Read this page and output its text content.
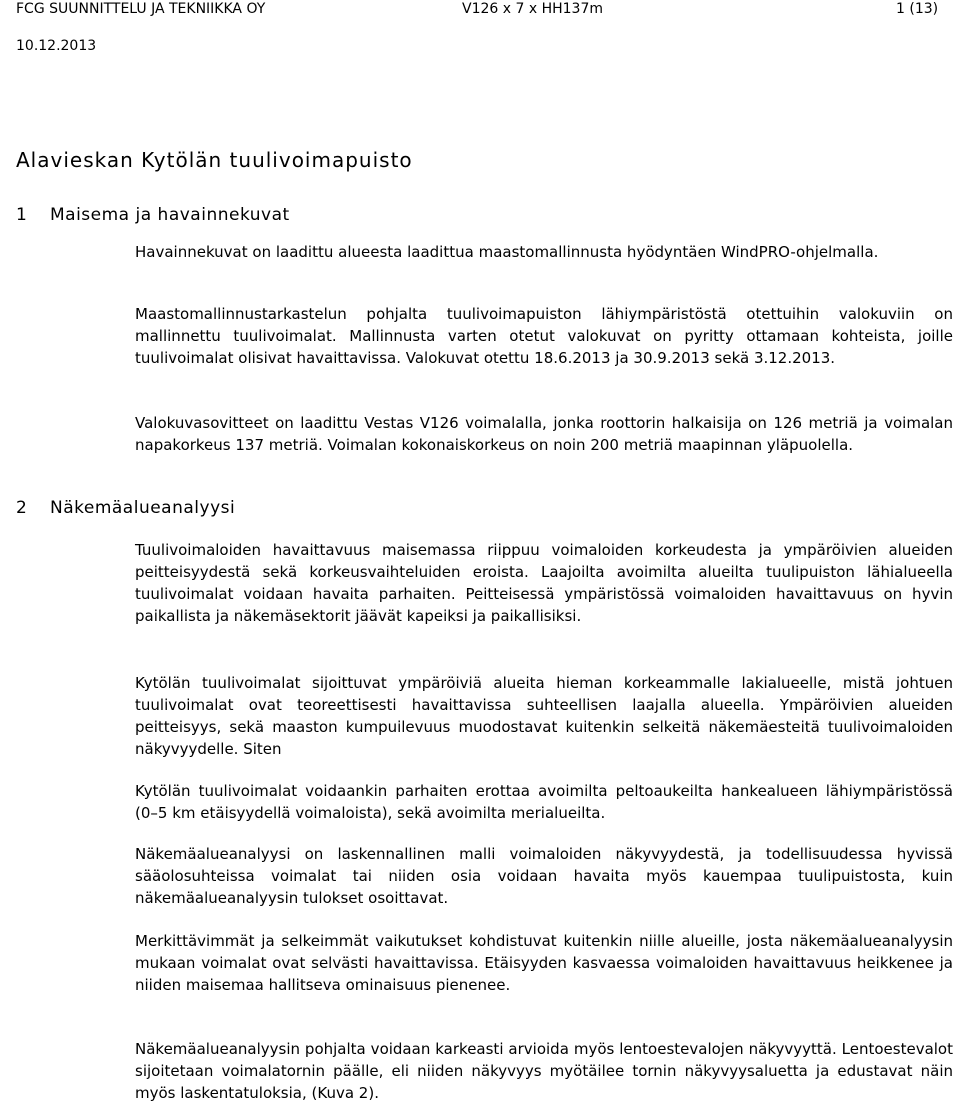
FCG SUUNNITTELU JA TEKNIIKKA OY	V126 x 7 x HH137m	1 (13)
10.12.2013
Alavieskan Kytölän tuulivoimapuisto
1 Maisema ja havainnekuvat

Havainnekuvat on laadittu alueesta laadittua maastomallinnusta hyödyntäen WindPRO-ohjelmalla.

Maastomallinnustarkastelun pohjalta tuulivoimapuiston lähiympäristöstä otettuihin valokuviin on mallinnettu tuulivoimalat. Mallinnusta varten otetut valokuvat on pyritty ottamaan kohteista, joille tuulivoimalat olisivat havaittavissa. Valokuvat otettu 18.6.2013 ja 30.9.2013 sekä 3.12.2013.

Valokuvasovitteet on laadittu Vestas V126 voimalalla, jonka roottorin halkaisija on 126 metriä ja voimalan napakorkeus 137 metriä. Voimalan kokonaiskorkeus on noin 200 metriä maapinnan yläpuolella.

2 Näkemäalueanalyysi

Tuulivoimaloiden havaittavuus maisemassa riippuu voimaloiden korkeudesta ja ympäröivien alueiden peitteisyydestä sekä korkeusvaihteluiden eroista. Laajoilta avoimilta alueilta tuulipuiston lähialueella tuulivoimalat voidaan havaita parhaiten. Peitteisessä ympäristössä voimaloiden havaittavuus on hyvin paikallista ja näkemäsektorit jäävät kapeiksi ja paikallisiksi.

Kytölän tuulivoimalat sijoittuvat ympäröiviä alueita hieman korkeammalle lakialueelle, mistä johtuen tuulivoimalat ovat teoreettisesti havaittavissa suhteellisen laajalla alueella. Ympäröivien alueiden peitteisyys, sekä maaston kumpuilevuus muodostavat kuitenkin selkeitä näkemäesteitä tuulivoimaloiden näkyvyydelle. Siten

Kytölän tuulivoimalat voidaankin parhaiten erottaa avoimilta peltoaukeilta hankealueen lähiympäristössä (0–5 km etäisyydellä voimaloista), sekä avoimilta merialueilta.

Näkemäalueanalyysi on laskennallinen malli voimaloiden näkyvyydestä, ja todellisuudessa hyvissä sääolosuhteissa voimalat tai niiden osia voidaan havaita myös kauempaa tuulipuistosta, kuin näkemäalueanalyysin tulokset osoittavat.

Merkittävimmät ja selkeimmät vaikutukset kohdistuvat kuitenkin niille alueille, josta näkemäalueanalyysin mukaan voimalat ovat selvästi havaittavissa. Etäisyyden kasvaessa voimaloiden havaittavuus heikkenee ja niiden maisemaa hallitseva ominaisuus pienenee.

Näkemäalueanalyysin pohjalta voidaan karkeasti arvioida myös lentoestevalojen näkyvyyttä. Lentoestevalot sijoitetaan voimalatornin päälle, eli niiden näkyvyys myötäilee tornin näkyvyysaluetta ja edustavat näin myös laskentatuloksia, (Kuva 2).
